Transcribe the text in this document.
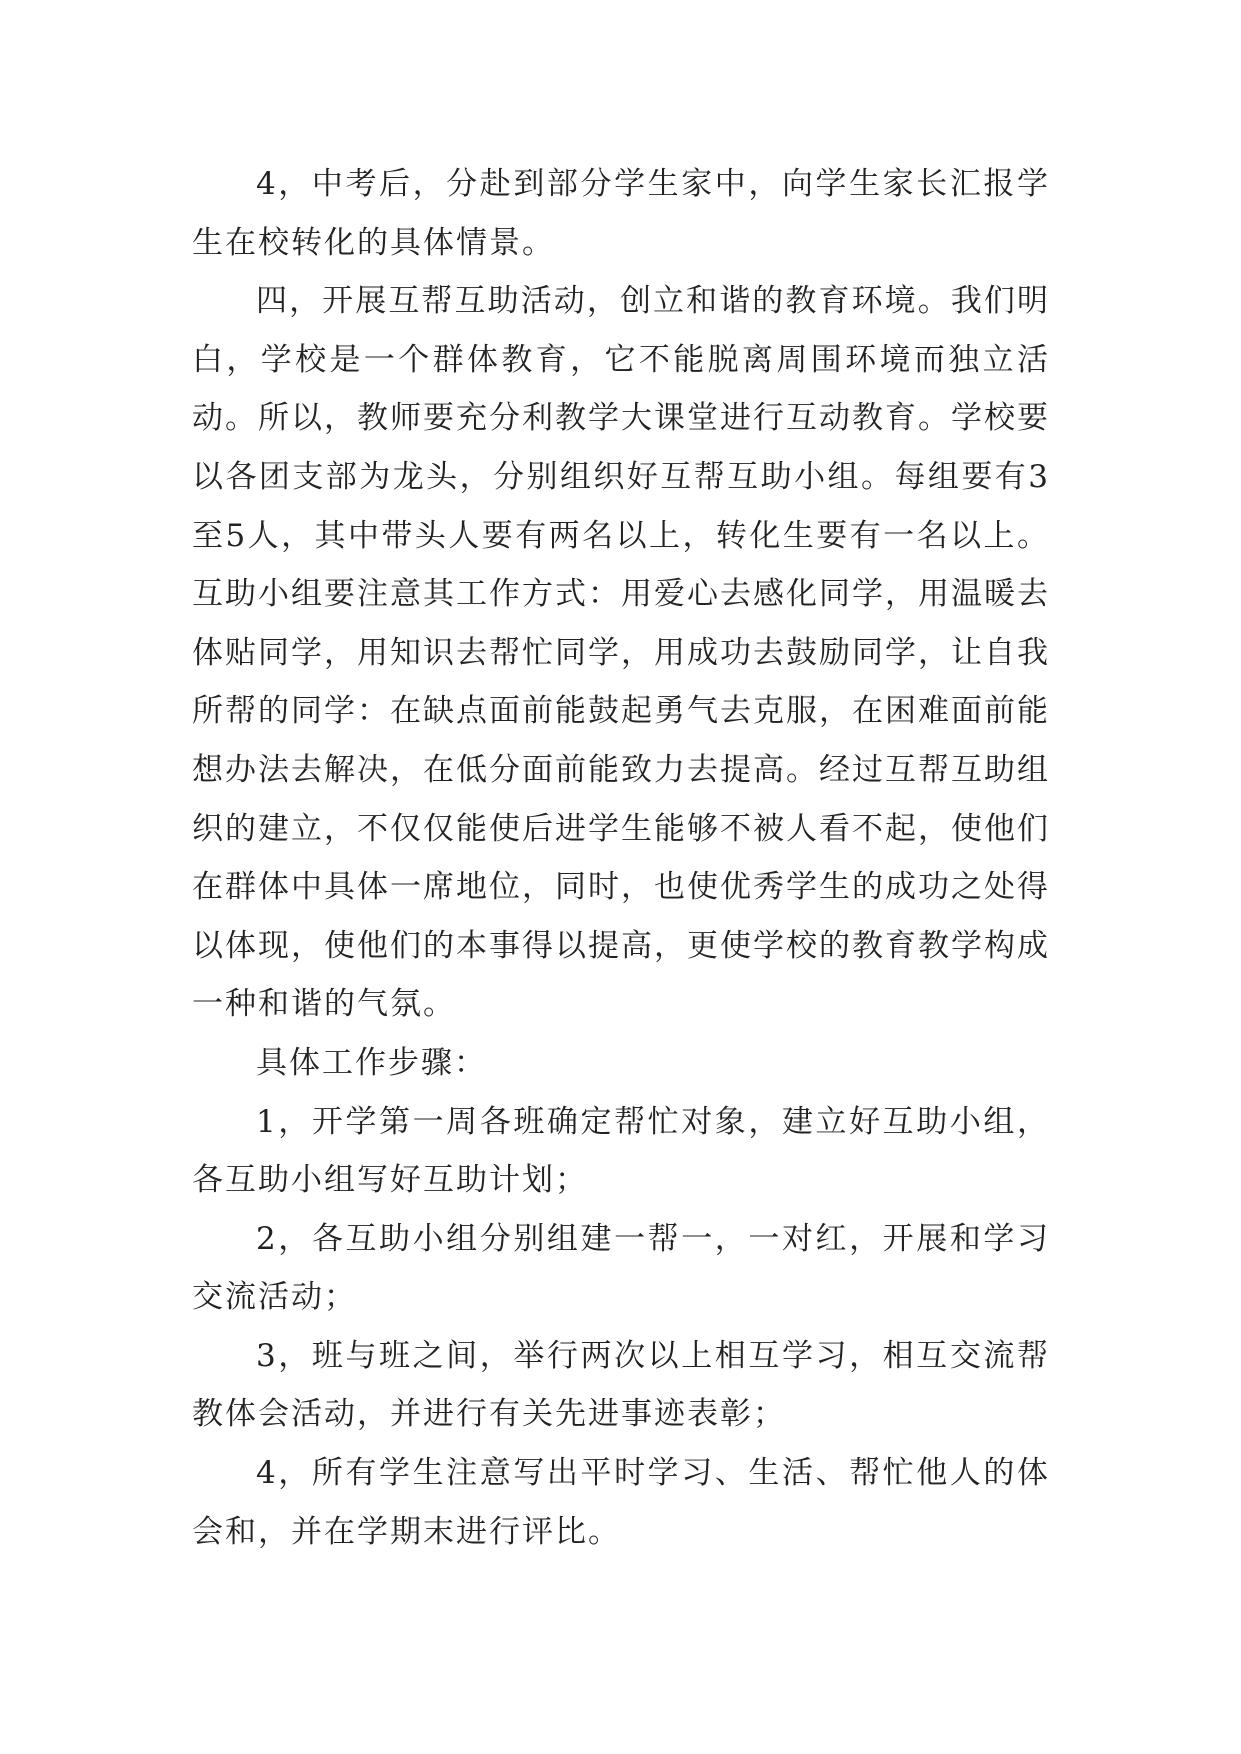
4，中考后，分赴到部分学生家中，向学生家长汇报学生在校转化的具体情景。

四，开展互帮互助活动，创立和谐的教育环境。我们明白，学校是一个群体教育，它不能脱离周围环境而独立活动。所以，教师要充分利教学大课堂进行互动教育。学校要以各团支部为龙头，分别组织好互帮互助小组。每组要有3至5人，其中带头人要有两名以上，转化生要有一名以上。互助小组要注意其工作方式：用爱心去感化同学，用温暖去体贴同学，用知识去帮忙同学，用成功去鼓励同学，让自我所帮的同学：在缺点面前能鼓起勇气去克服，在困难面前能想办法去解决，在低分面前能致力去提高。经过互帮互助组织的建立，不仅仅能使后进学生能够不被人看不起，使他们在群体中具体一席地位，同时，也使优秀学生的成功之处得以体现，使他们的本事得以提高，更使学校的教育教学构成一种和谐的气氛。

具体工作步骤：

1，开学第一周各班确定帮忙对象，建立好互助小组，各互助小组写好互助计划；

2，各互助小组分别组建一帮一，一对红，开展和学习交流活动；

3，班与班之间，举行两次以上相互学习，相互交流帮教体会活动，并进行有关先进事迹表彰；

4，所有学生注意写出平时学习、生活、帮忙他人的体会和，并在学期末进行评比。
